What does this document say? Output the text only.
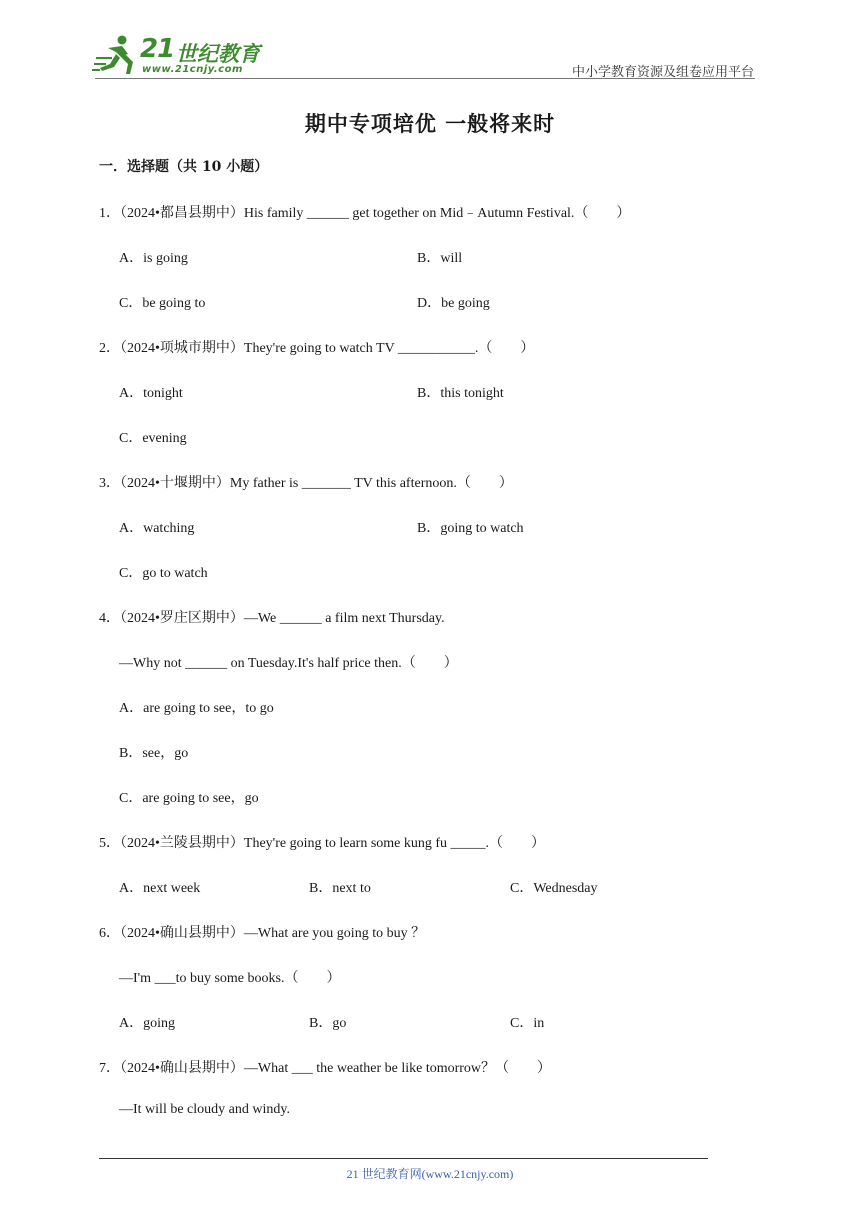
21 世纪教育
www.21cnjy.com	中小学教育资源及组卷应用平台
期中专项培优 一般将来时
一．选择题（共 10 小题）
1．（2024•都昌县期中）His family ______ get together on Mid﹣Autumn Festival.（　　）
A．is going	B．will
C．be going to	D．be going
2．（2024•项城市期中）They're going to watch TV ___________.（　　）
A．tonight	B．this tonight
C．evening
3．（2024•十堰期中）My father is _______ TV this afternoon.（　　）
A．watching	B．going to watch
C．go to watch
4．（2024•罗庄区期中）—We ______ a film next Thursday.
—Why not ______ on Tuesday.It's half price then.（　　）
A．are going to see，to go
B．see，go
C．are going to see，go
5．（2024•兰陵县期中）They're going to learn some kung fu _____.（　　）
A．next week	B．next to	C．Wednesday
6．（2024•确山县期中）—What are you going to buy ？
—I'm ___to buy some books.（　　）
A．going	B．go	C．in
7．（2024•确山县期中）—What ___ the weather be like tomorrow？（　　）
—It will be cloudy and windy.
21 世纪教育网(www.21cnjy.com)
